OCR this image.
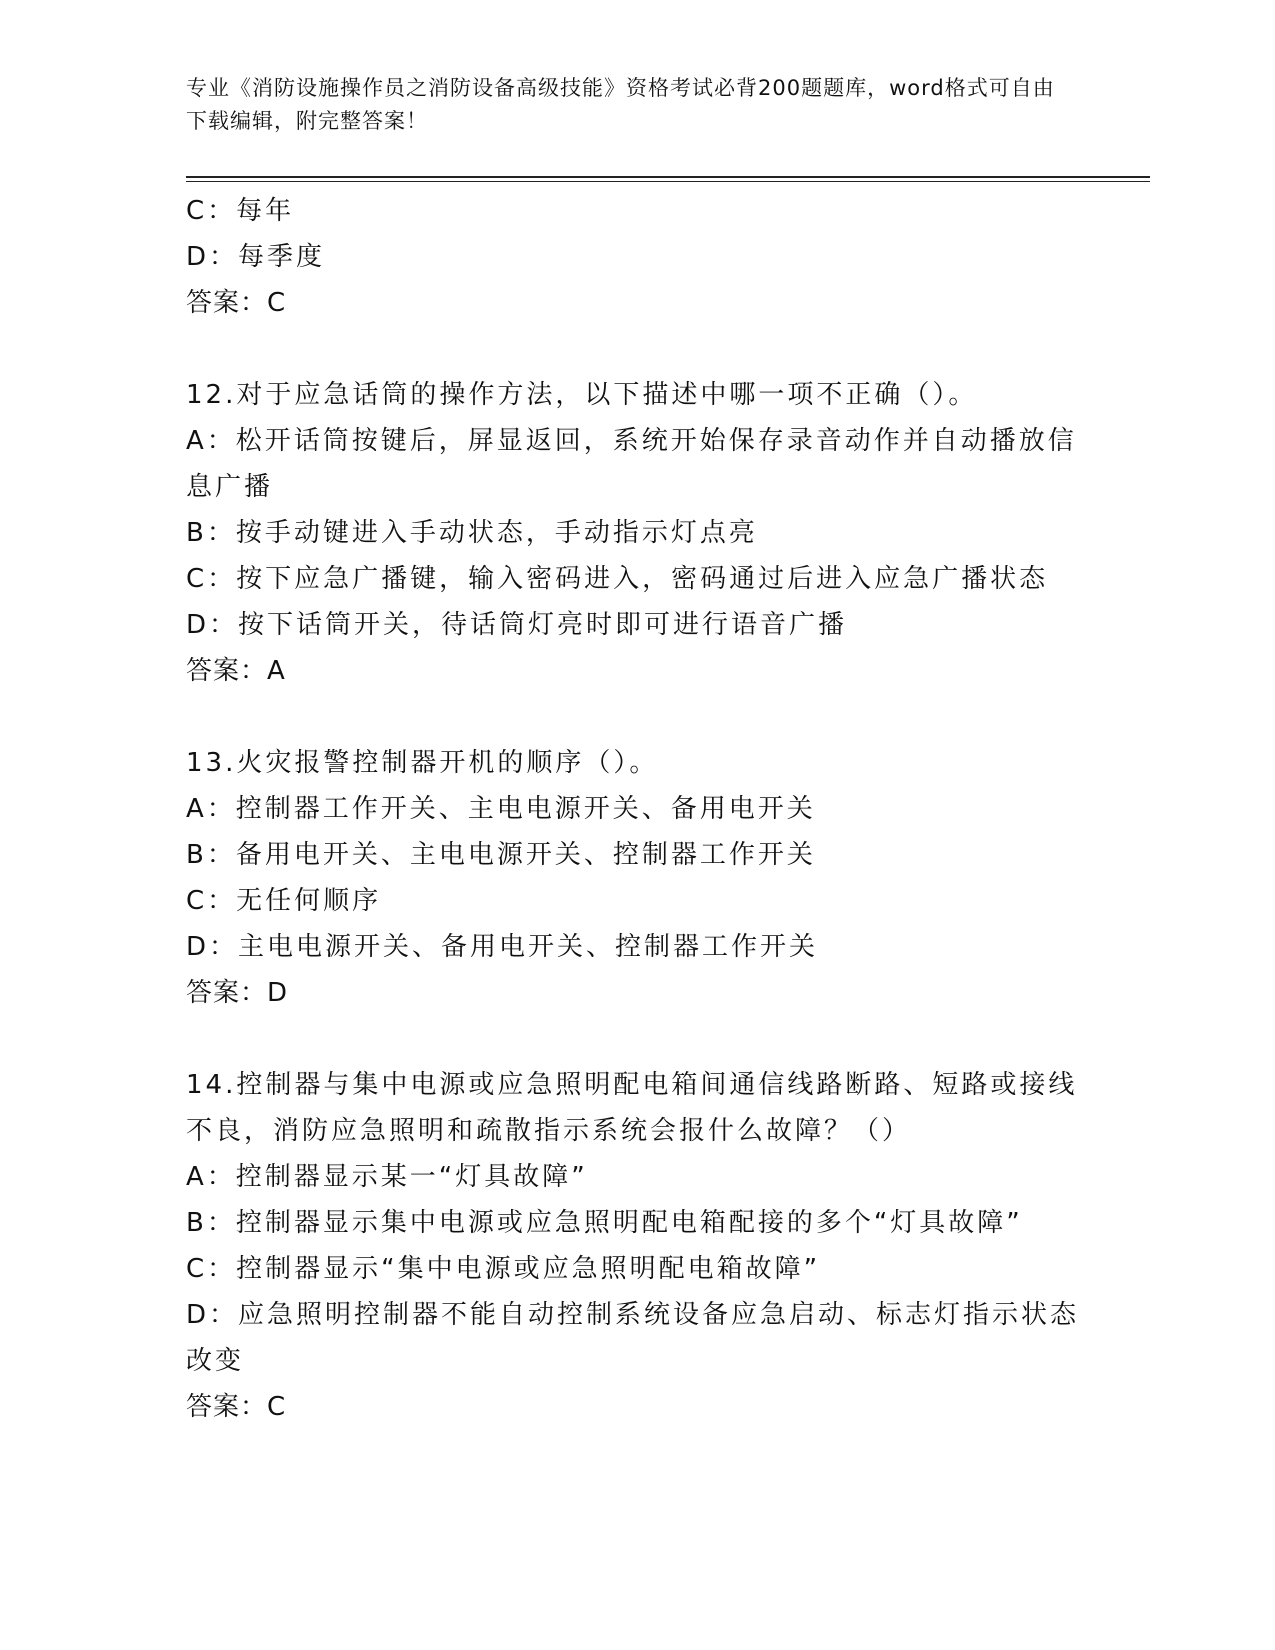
专业《消防设施操作员之消防设备高级技能》资格考试必背200题题库，word格式可自由下载编辑，附完整答案！
C：每年
D：每季度
答案：C
12.对于应急话筒的操作方法，以下描述中哪一项不正确（）。
A：松开话筒按键后，屏显返回，系统开始保存录音动作并自动播放信息广播
B：按手动键进入手动状态，手动指示灯点亮
C：按下应急广播键，输入密码进入，密码通过后进入应急广播状态
D：按下话筒开关，待话筒灯亮时即可进行语音广播
答案：A
13.火灾报警控制器开机的顺序（）。
A：控制器工作开关、主电电源开关、备用电开关
B：备用电开关、主电电源开关、控制器工作开关
C：无任何顺序
D：主电电源开关、备用电开关、控制器工作开关
答案：D
14.控制器与集中电源或应急照明配电箱间通信线路断路、短路或接线不良，消防应急照明和疏散指示系统会报什么故障？（）
A：控制器显示某一“灯具故障”
B：控制器显示集中电源或应急照明配电箱配接的多个“灯具故障”
C：控制器显示“集中电源或应急照明配电箱故障”
D：应急照明控制器不能自动控制系统设备应急启动、标志灯指示状态改变
答案：C
